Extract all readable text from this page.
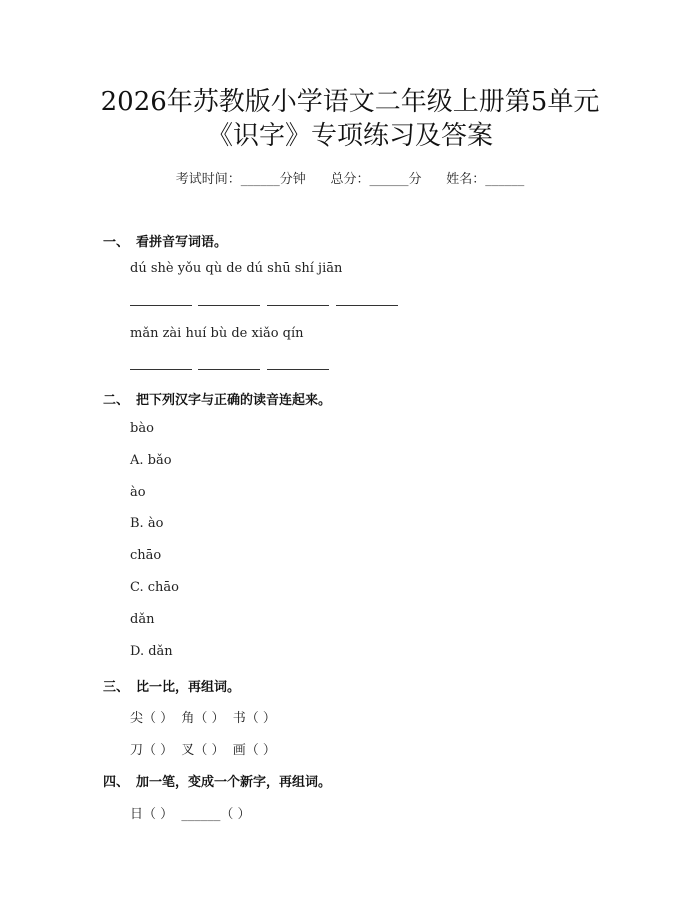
2026年苏教版小学语文二年级上册第5单元
《识字》专项练习及答案
考试时间：______分钟      总分：______分      姓名：______
一、 看拼音写词语。
dú shè yǒu qù de dú shū shí jiān
mǎn zài huí bù de xiǎo qín
二、 把下列汉字与正确的读音连起来。
bào
A. bǎo
ào
B. ào
chāo
C. chāo
dǎn
D. dǎn
三、 比一比，再组词。
尖（ ）  角（ ）  书（ ）
刀（ ）  叉（ ）  画（ ）
四、 加一笔，变成一个新字，再组词。
日（ ）  ______（ ）
